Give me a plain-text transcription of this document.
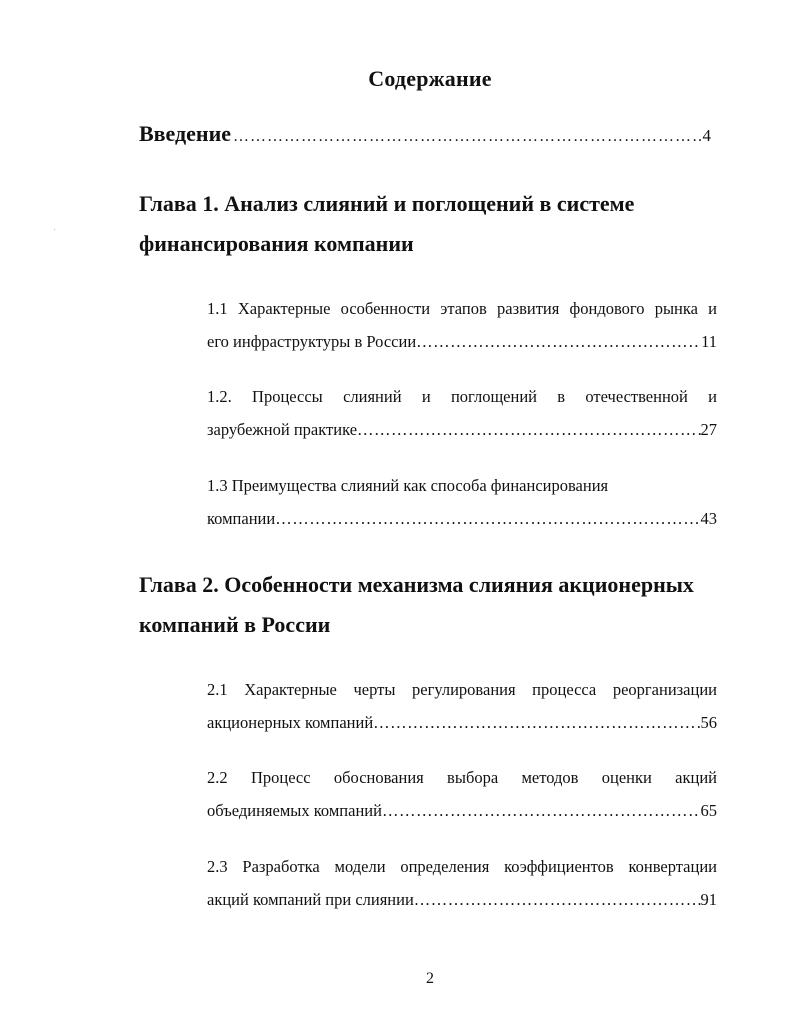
Содержание
Введение …………………………………………………………………………………………………………………………………………………………………………………	4
Глава 1. Анализ слияний и поглощений в системе финансирования компании
1.1 Характерные особенности этапов развития фондового рынка и
его инфраструктуры в России ………………………………………………………………………………………………………………………………………………………………………………	11
1.2. Процессы слияний и поглощений в отечественной и
зарубежной практике ………………………………………………………………………………………………………………………………………………………………………………	27
1.3 Преимущества слияний как способа финансирования
компании ………………………………………………………………………………………………………………………………………………………………………………	43
Глава 2. Особенности механизма слияния акционерных компаний в России
2.1 Характерные черты регулирования процесса реорганизации
акционерных компаний ………………………………………………………………………………………………………………………………………………………………………………	56
2.2 Процесс обоснования выбора методов оценки акций
объединяемых компаний ………………………………………………………………………………………………………………………………………………………………………………	65
2.3 Разработка модели определения коэффициентов конвертации
акций компаний при слиянии ………………………………………………………………………………………………………………………………………………………………………………	91
2
